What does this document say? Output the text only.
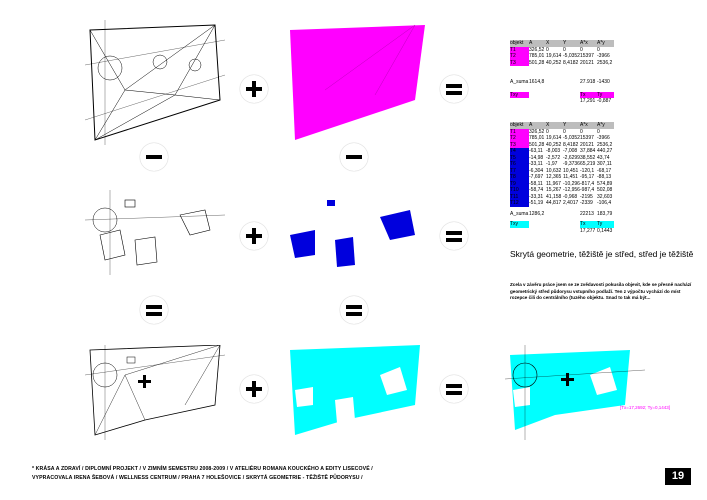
objekt	A	X	Y	A*x	A*y
T1	326,52 0	0	0	0
T2	785,01 19,614 -5,0352 15397 -3966
T3	501,28 40,252 8,4182 20121 2536,2
A_suma 1614,8	27.918 -1430
Txy	Tx	Ty
17,291 -0,887
objekt	A	X	Y	A*x	A*y
T1	326,52 0	0	0	0
T2	785,01 19,614 -5,0352 15397 -3966
T3	501,28 40,252 8,4182 20121 2536,2
T4	-63,11 -8,003 -7,008 37,884 440,27
T5	-14,98 -2,572 -2,6299 38,552 43,74
T6	-33,11 -1,97	-9,3736 65,219 307,11
T7	-6,304 10,632 10,451 -120,1 -68,17
T8	-7,697 12,365 11,451 -95,17 -88,13
T9	-58,11 11,967 -10,296 -817,4 574,89
T10	-58,74 15,267 -12,956 -987,4 502,08
T11	-33,31 41,158 -0,968 -2195 32,603
T12	-51,19 44,817 2,4017 -2339 -106,4
A_suma 1286,2	22213 183,79
Txy	Tx	Ty
17,277 0,1443
Skrytá geometrie, těžiště je střed, střed je těžiště
Zcela v závěru práce jsem se ze zvědavosti pokusila objevit, kde se přesně nachází geometrický střed půdorysu vstupního podlaží. Ten z výpočtu vychází do míst rozepce čili do centrálního (tuzého objektu. Snad to tak má být...
[Tx=17,2692; Ty=0,1443]
* KRÁSA A ZDRAVÍ / DIPLOMNÍ PROJEKT / V ZIMNÍM SEMESTRU 2008-2009 / V ATELIÉRU ROMANA KOUCKÉHO A EDITY LISECOVÉ /
VYPRACOVALA IRENA ŠEBOVÁ / WELLNESS CENTRUM / PRAHA 7 HOLEŠOVICE / SKRYTÁ GEOMETRIE - TĚŽIŠTĚ PŮDORYSU /	19
